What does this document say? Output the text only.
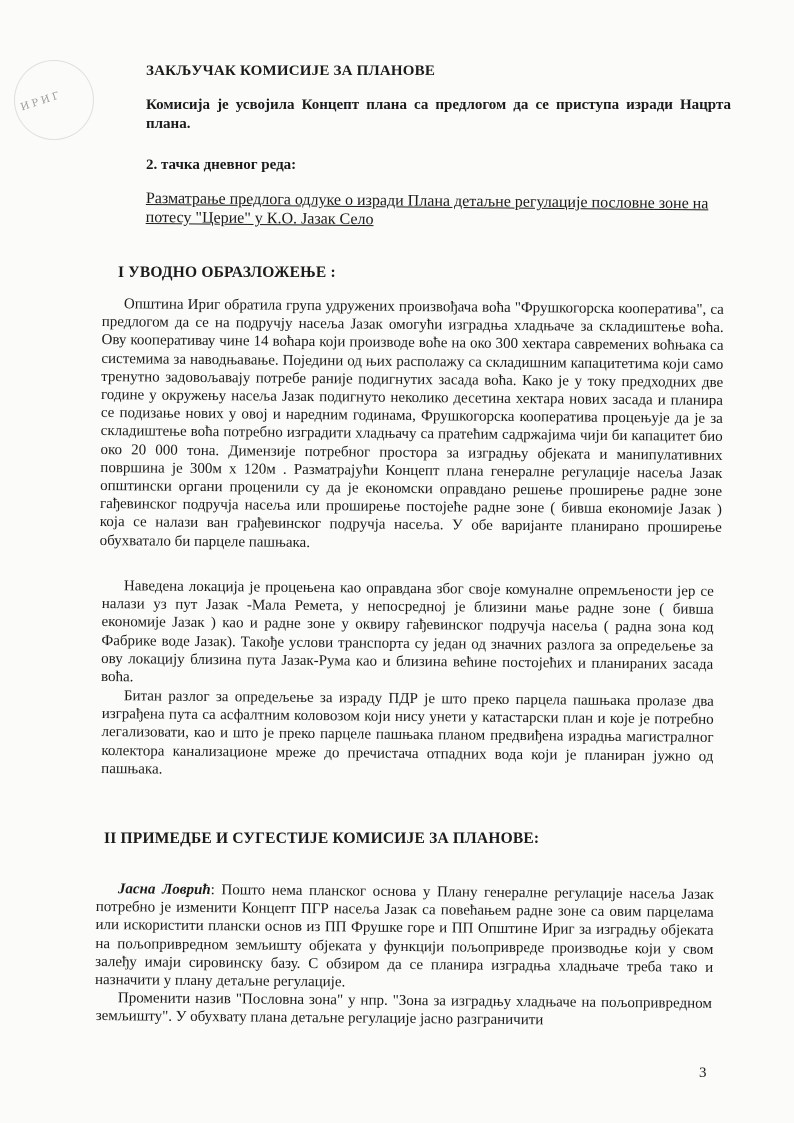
ИРИГ
ЗАКЉУЧАК КОМИСИЈЕ ЗА ПЛАНОВЕ
Комисија је усвојила Концепт плана са предлогом да се приступа изради Нацрта плана.
2. тачка дневног реда:
Разматрање предлога одлуке о изради Плана детаљне регулације пословне зоне на потесу "Церие" у К.О. Јазак Село
I УВОДНО ОБРАЗЛОЖЕЊЕ :
Општина Ириг обратила група удружених произвођача воћа "Фрушкогорска кооператива", са предлогом да се на подручју насеља Јазак омогући изградња хладњаче за складиштење воћа. Ову кооперативау чине 14 воћара који производе воће на око 300 хектара савремених воћњака са системима за наводњавање. Поједини од њих располажу са складишним капацитетима који само тренутно задовољавају потребе раније подигнутих засада воћа. Како је у току предходних две године у окружењу насеља Јазак подигнуто неколико десетина хектара нових засада и планира се подизање нових у овој и наредним годинама, Фрушкогорска кооператива процењује да је за складиштење воћа потребно изградити хладњачу са пратећим садржајима чији би капацитет био око 20 000 тона. Димензије потребног простора за изградњу објеката и манипулативних површина је 300м x 120м . Разматрајући Концепт плана генералне регулације насеља Јазак општински органи проценили су да је економски оправдано решење проширење радне зоне гађевинског подручја насеља или проширење постојеће радне зоне ( бивша економије Јазак ) која се налази ван грађевинског подручја насеља. У обе варијанте планирано проширење обухватало би парцеле пашњака.
Наведена локација је процењена као оправдана због своје комуналне опремљености јер се налази уз пут Јазак -Мала Ремета, у непосредној је близини мање радне зоне ( бивша економије Јазак ) као и радне зоне у оквиру гађевинског подручја насеља ( радна зона код Фабрике воде Јазак). Такође услови транспорта су један од значних разлога за опредељење за ову локацију близина пута Јазак-Рума као и близина већине постојећих и планираних засада воћа.
Битан разлог за опредељење за израду ПДР је што преко парцела пашњака пролазе два изграђена пута са асфалтним коловозом који нису унети у катастарски план и које је потребно легализовати, као и што је преко парцеле пашњака планом предвиђена израдња магистралног колектора канализационе мреже до пречистача отпадних вода који је планиран јужно од пашњака.
II ПРИМЕДБЕ И СУГЕСТИЈЕ КОМИСИЈЕ ЗА ПЛАНОВЕ:
Јасна Ловрић: Пошто нема планског основа у Плану генералне регулације насеља Јазак потребно је изменити Концепт ПГР насеља Јазак са повећањем радне зоне са овим парцелама или искористити плански основ из ПП Фрушке горе и ПП Општине Ириг за изградњу објеката на пољопривредном земљишту објеката у функцији пољопривреде производње који у свом залеђу имаји сировинску базу. С обзиром да се планира изградња хладњаче треба тако и назначити у плану детаљне регулације.
Променити назив "Пословна зона" у нпр. "Зона за изградњу хладњаче на пољопривредном земљишту". У обухвату плана детаљне регулације јасно разграничити
3
